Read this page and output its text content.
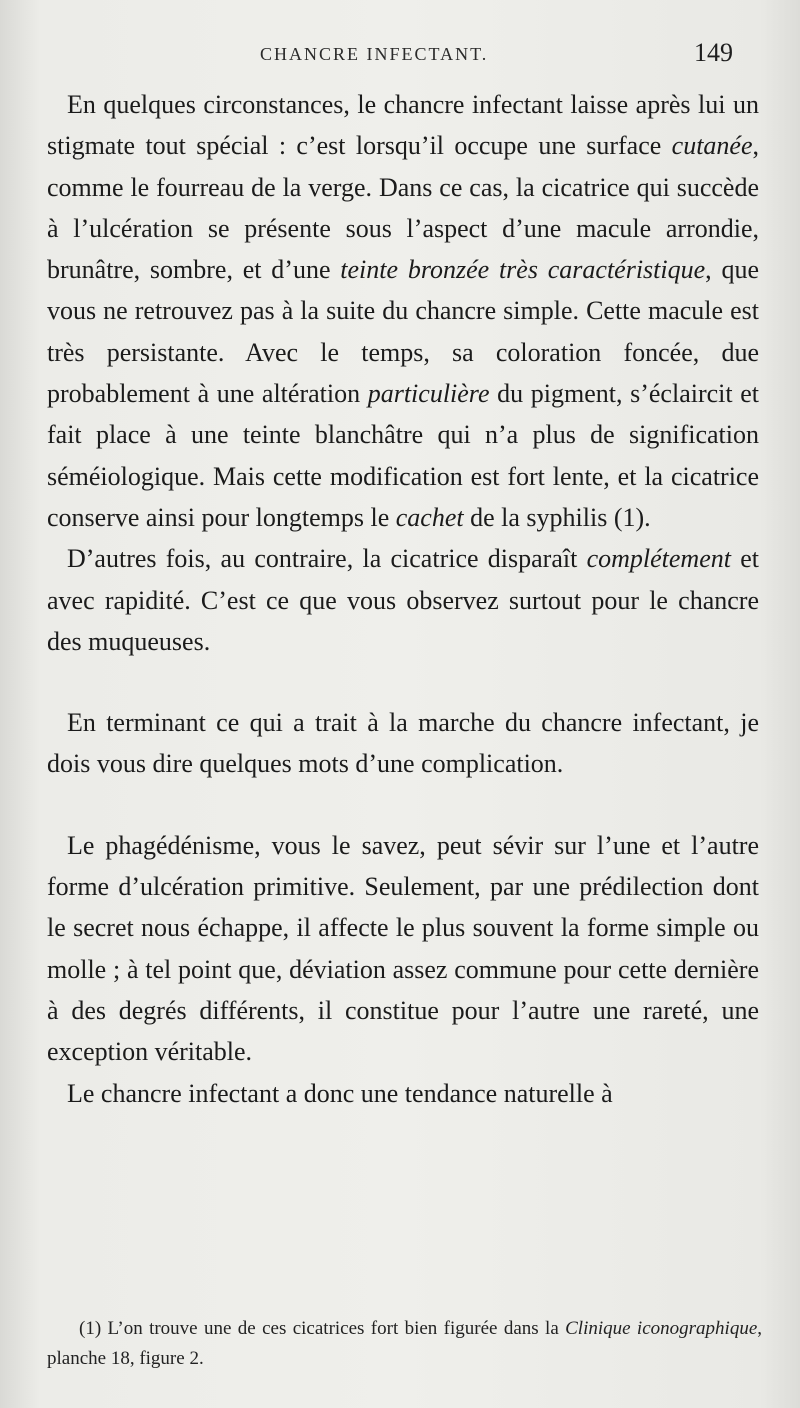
CHANCRE INFECTANT.	149

En quelques circonstances, le chancre infectant laisse après lui un stigmate tout spécial : c’est lorsqu’il occupe une surface cutanée, comme le fourreau de la verge. Dans ce cas, la cicatrice qui succède à l’ulcération se présente sous l’aspect d’une macule arrondie, brunâtre, sombre, et d’une teinte bronzée très caractéristique, que vous ne retrouvez pas à la suite du chancre simple. Cette macule est très persistante. Avec le temps, sa coloration foncée, due probablement à une altération particulière du pigment, s’éclaircit et fait place à une teinte blanchâtre qui n’a plus de signification séméiologique. Mais cette modification est fort lente, et la cicatrice conserve ainsi pour longtemps le cachet de la syphilis (1).

D’autres fois, au contraire, la cicatrice disparaît complétement et avec rapidité. C’est ce que vous observez surtout pour le chancre des muqueuses.

En terminant ce qui a trait à la marche du chancre infectant, je dois vous dire quelques mots d’une complication.

Le phagédénisme, vous le savez, peut sévir sur l’une et l’autre forme d’ulcération primitive. Seulement, par une prédilection dont le secret nous échappe, il affecte le plus souvent la forme simple ou molle ; à tel point que, déviation assez commune pour cette dernière à des degrés différents, il constitue pour l’autre une rareté, une exception véritable.

Le chancre infectant a donc une tendance naturelle à

(1) L’on trouve une de ces cicatrices fort bien figurée dans la Clinique iconographique, planche 18, figure 2.
